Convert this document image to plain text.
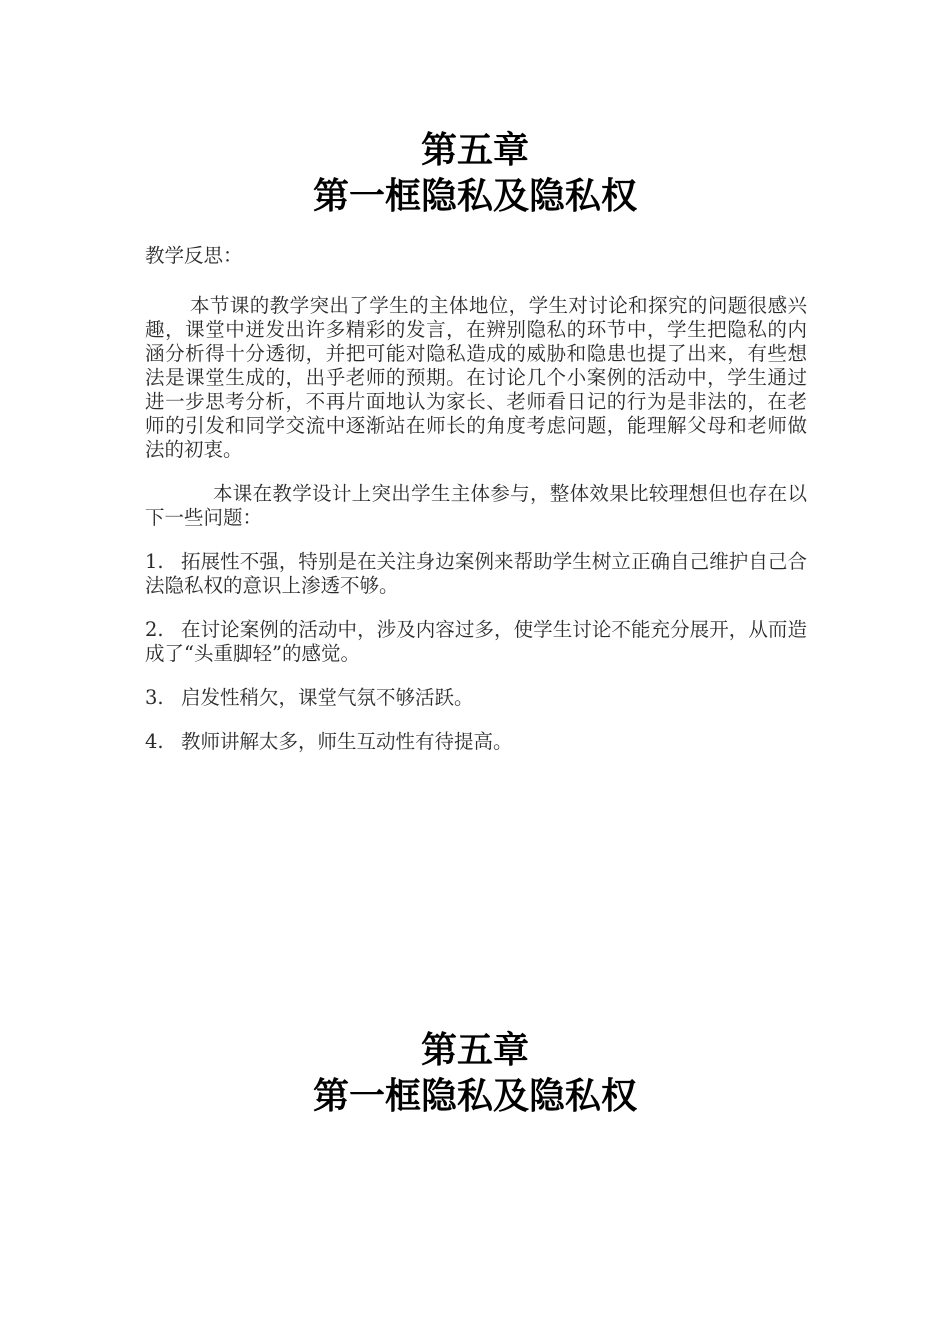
第五章
第一框隐私及隐私权

教学反思：

本节课的教学突出了学生的主体地位，学生对讨论和探究的问题很感兴趣，课堂中迸发出许多精彩的发言，在辨别隐私的环节中，学生把隐私的内涵分析得十分透彻，并把可能对隐私造成的威胁和隐患也提了出来，有些想法是课堂生成的，出乎老师的预期。在讨论几个小案例的活动中，学生通过进一步思考分析，不再片面地认为家长、老师看日记的行为是非法的，在老师的引发和同学交流中逐渐站在师长的角度考虑问题，能理解父母和老师做法的初衷。

本课在教学设计上突出学生主体参与，整体效果比较理想但也存在以下一些问题：

1. 拓展性不强，特别是在关注身边案例来帮助学生树立正确自己维护自己合法隐私权的意识上渗透不够。
2. 在讨论案例的活动中，涉及内容过多，使学生讨论不能充分展开，从而造成了“头重脚轻”的感觉。
3. 启发性稍欠，课堂气氛不够活跃。
4. 教师讲解太多，师生互动性有待提高。
第五章
第一框隐私及隐私权
